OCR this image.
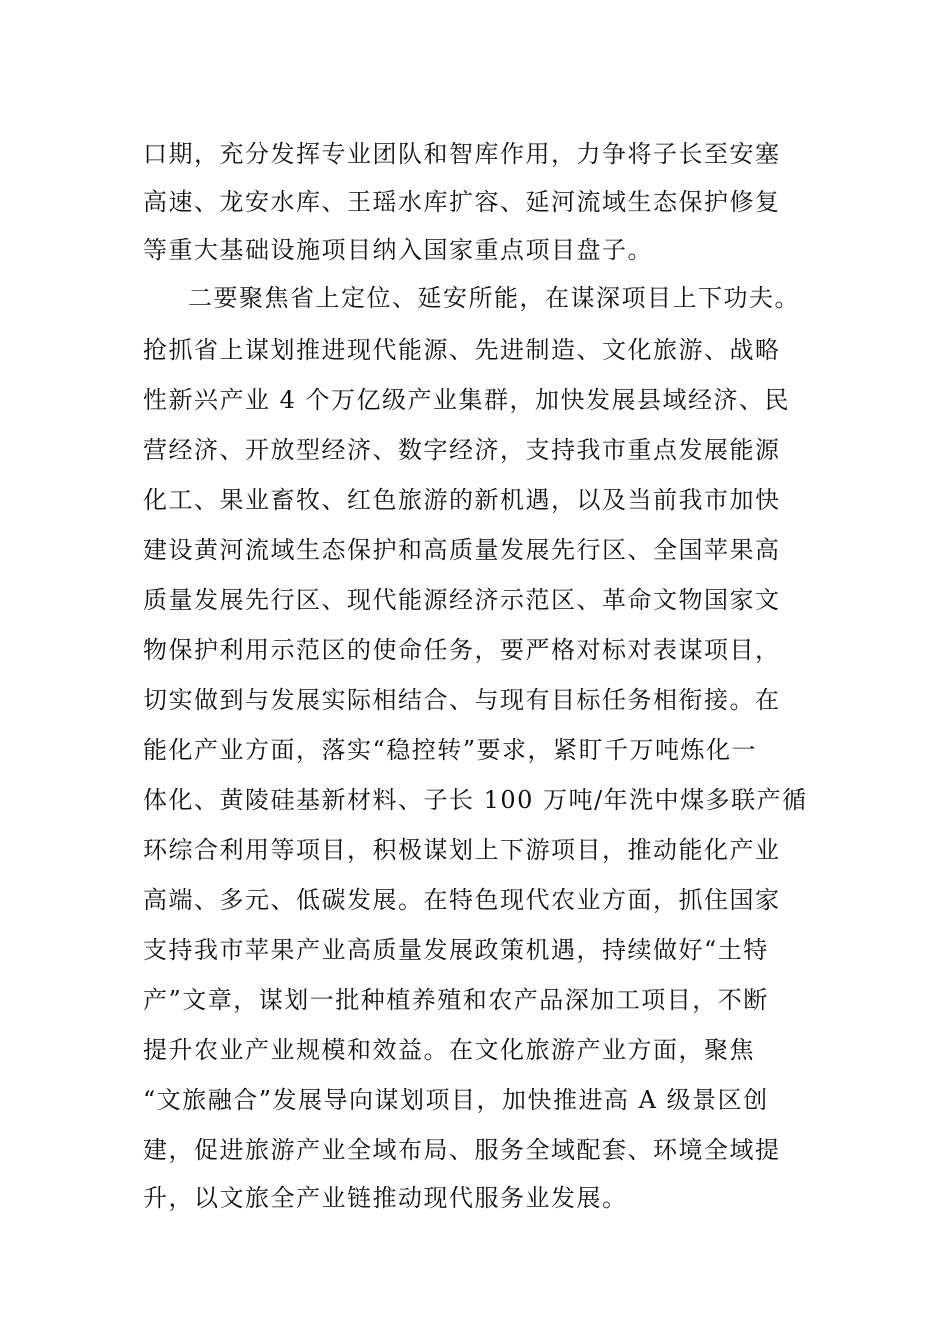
口期，充分发挥专业团队和智库作用，力争将子长至安塞
高速、龙安水库、王瑶水库扩容、延河流域生态保护修复
等重大基础设施项目纳入国家重点项目盘子。
二要聚焦省上定位、延安所能，在谋深项目上下功夫。
抢抓省上谋划推进现代能源、先进制造、文化旅游、战略
性新兴产业 4 个万亿级产业集群，加快发展县域经济、民
营经济、开放型经济、数字经济，支持我市重点发展能源
化工、果业畜牧、红色旅游的新机遇，以及当前我市加快
建设黄河流域生态保护和高质量发展先行区、全国苹果高
质量发展先行区、现代能源经济示范区、革命文物国家文
物保护利用示范区的使命任务，要严格对标对表谋项目，
切实做到与发展实际相结合、与现有目标任务相衔接。在
能化产业方面，落实“稳控转”要求，紧盯千万吨炼化一
体化、黄陵硅基新材料、子长 100 万吨/年洗中煤多联产循
环综合利用等项目，积极谋划上下游项目，推动能化产业
高端、多元、低碳发展。在特色现代农业方面，抓住国家
支持我市苹果产业高质量发展政策机遇，持续做好“土特
产”文章，谋划一批种植养殖和农产品深加工项目，不断
提升农业产业规模和效益。在文化旅游产业方面，聚焦
“文旅融合”发展导向谋划项目，加快推进高 A 级景区创
建，促进旅游产业全域布局、服务全域配套、环境全域提
升，以文旅全产业链推动现代服务业发展。
